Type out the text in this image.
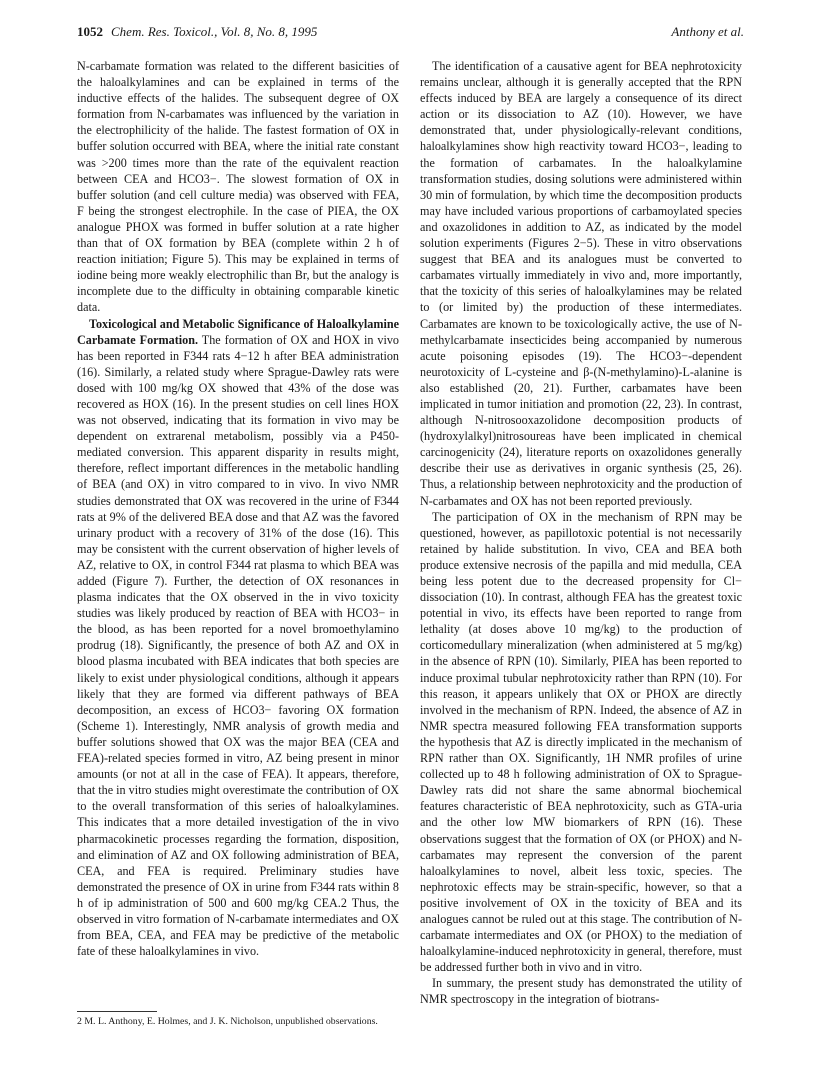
1052 Chem. Res. Toxicol., Vol. 8, No. 8, 1995	Anthony et al.

N-carbamate formation was related to the different basicities of the haloalkylamines and can be explained in terms of the inductive effects of the halides. The subsequent degree of OX formation from N-carbamates was influenced by the variation in the electrophilicity of the halide. The fastest formation of OX in buffer solution occurred with BEA, where the initial rate constant was >200 times more than the rate of the equivalent reaction between CEA and HCO3−. The slowest formation of OX in buffer solution (and cell culture media) was observed with FEA, F being the strongest electrophile. In the case of PIEA, the OX analogue PHOX was formed in buffer solution at a rate higher than that of OX formation by BEA (complete within 2 h of reaction initiation; Figure 5). This may be explained in terms of iodine being more weakly electrophilic than Br, but the analogy is incomplete due to the difficulty in obtaining comparable kinetic data.

Toxicological and Metabolic Significance of Haloalkylamine Carbamate Formation. The formation of OX and HOX in vivo has been reported in F344 rats 4−12 h after BEA administration (16). Similarly, a related study where Sprague-Dawley rats were dosed with 100 mg/kg OX showed that 43% of the dose was recovered as HOX (16). In the present studies on cell lines HOX was not observed, indicating that its formation in vivo may be dependent on extrarenal metabolism, possibly via a P450-mediated conversion. This apparent disparity in results might, therefore, reflect important differences in the metabolic handling of BEA (and OX) in vitro compared to in vivo. In vivo NMR studies demonstrated that OX was recovered in the urine of F344 rats at 9% of the delivered BEA dose and that AZ was the favored urinary product with a recovery of 31% of the dose (16). This may be consistent with the current observation of higher levels of AZ, relative to OX, in control F344 rat plasma to which BEA was added (Figure 7). Further, the detection of OX resonances in plasma indicates that the OX observed in the in vivo toxicity studies was likely produced by reaction of BEA with HCO3− in the blood, as has been reported for a novel bromoethylamino prodrug (18). Significantly, the presence of both AZ and OX in blood plasma incubated with BEA indicates that both species are likely to exist under physiological conditions, although it appears likely that they are formed via different pathways of BEA decomposition, an excess of HCO3− favoring OX formation (Scheme 1). Interestingly, NMR analysis of growth media and buffer solutions showed that OX was the major BEA (CEA and FEA)-related species formed in vitro, AZ being present in minor amounts (or not at all in the case of FEA). It appears, therefore, that the in vitro studies might overestimate the contribution of OX to the overall transformation of this series of haloalkylamines. This indicates that a more detailed investigation of the in vivo pharmacokinetic processes regarding the formation, disposition, and elimination of AZ and OX following administration of BEA, CEA, and FEA is required. Preliminary studies have demonstrated the presence of OX in urine from F344 rats within 8 h of ip administration of 500 and 600 mg/kg CEA.2 Thus, the observed in vitro formation of N-carbamate intermediates and OX from BEA, CEA, and FEA may be predictive of the metabolic fate of these haloalkylamines in vivo.

The identification of a causative agent for BEA nephrotoxicity remains unclear, although it is generally accepted that the RPN effects induced by BEA are largely a consequence of its direct action or its dissociation to AZ (10). However, we have demonstrated that, under physiologically-relevant conditions, haloalkylamines show high reactivity toward HCO3−, leading to the formation of carbamates. In the haloalkylamine transformation studies, dosing solutions were administered within 30 min of formulation, by which time the decomposition products may have included various proportions of carbamoylated species and oxazolidones in addition to AZ, as indicated by the model solution experiments (Figures 2−5). These in vitro observations suggest that BEA and its analogues must be converted to carbamates virtually immediately in vivo and, more importantly, that the toxicity of this series of haloalkylamines may be related to (or limited by) the production of these intermediates. Carbamates are known to be toxicologically active, the use of N-methylcarbamate insecticides being accompanied by numerous acute poisoning episodes (19). The HCO3−-dependent neurotoxicity of L-cysteine and β-(N-methylamino)-L-alanine is also established (20, 21). Further, carbamates have been implicated in tumor initiation and promotion (22, 23). In contrast, although N-nitrosooxazolidone decomposition products of (hydroxylalkyl)nitrosoureas have been implicated in chemical carcinogenicity (24), literature reports on oxazolidones generally describe their use as derivatives in organic synthesis (25, 26). Thus, a relationship between nephrotoxicity and the production of N-carbamates and OX has not been reported previously.

The participation of OX in the mechanism of RPN may be questioned, however, as papillotoxic potential is not necessarily retained by halide substitution. In vivo, CEA and BEA both produce extensive necrosis of the papilla and mid medulla, CEA being less potent due to the decreased propensity for Cl− dissociation (10). In contrast, although FEA has the greatest toxic potential in vivo, its effects have been reported to range from lethality (at doses above 10 mg/kg) to the production of corticomedullary mineralization (when administered at 5 mg/kg) in the absence of RPN (10). Similarly, PIEA has been reported to induce proximal tubular nephrotoxicity rather than RPN (10). For this reason, it appears unlikely that OX or PHOX are directly involved in the mechanism of RPN. Indeed, the absence of AZ in NMR spectra measured following FEA transformation supports the hypothesis that AZ is directly implicated in the mechanism of RPN rather than OX. Significantly, 1H NMR profiles of urine collected up to 48 h following administration of OX to Sprague-Dawley rats did not share the same abnormal biochemical features characteristic of BEA nephrotoxicity, such as GTA-uria and the other low MW biomarkers of RPN (16). These observations suggest that the formation of OX (or PHOX) and N-carbamates may represent the conversion of the parent haloalkylamines to novel, albeit less toxic, species. The nephrotoxic effects may be strain-specific, however, so that a positive involvement of OX in the toxicity of BEA and its analogues cannot be ruled out at this stage. The contribution of N-carbamate intermediates and OX (or PHOX) to the mediation of haloalkylamine-induced nephrotoxicity in general, therefore, must be addressed further both in vivo and in vitro.

In summary, the present study has demonstrated the utility of NMR spectroscopy in the integration of biotrans-

2 M. L. Anthony, E. Holmes, and J. K. Nicholson, unpublished observations.
